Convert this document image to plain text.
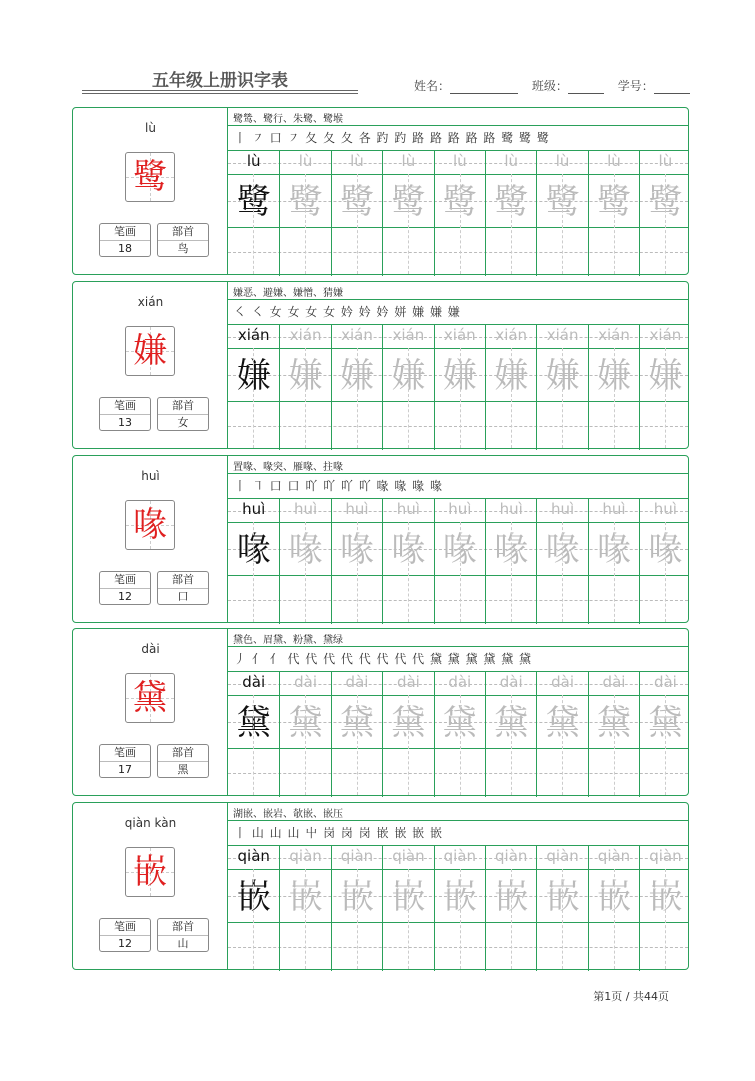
五年级上册识字表	姓名：	班级：	学号：
lù
鹭
笔画
18
部首
鸟
鹭鸶、鹭行、朱鹭、鹭堠
丨 ㇇ 口 ㇇ 夂 夂 夂 各 趵 趵 路 路 路 路 路 鹭 鹭 鹭
lù
鹭
lù
鹭
lù
鹭
lù
鹭
lù
鹭
lù
鹭
lù
鹭
lù
鹭
lù
鹭
xián
嫌
笔画
13
部首
女
嫌恶、避嫌、嫌憎、猜嫌
㇛ ㇛ 女 女 女 女 妗 妗 妗 姘 嫌 嫌 嫌
xián
嫌
xián
嫌
xián
嫌
xián
嫌
xián
嫌
xián
嫌
xián
嫌
xián
嫌
xián
嫌
huì
喙
笔画
12
部首
口
置喙、喙突、雁喙、拄喙
丨 ㇕ 口 口 吖 吖 吖 吖 喙 喙 喙 喙
huì
喙
huì
喙
huì
喙
huì
喙
huì
喙
huì
喙
huì
喙
huì
喙
huì
喙
dài
黛
笔画
17
部首
黑
黛色、眉黛、粉黛、黛绿
丿 亻 亻 代 代 代 代 代 代 代 代 黛 黛 黛 黛 黛 黛
dài
黛
dài
黛
dài
黛
dài
黛
dài
黛
dài
黛
dài
黛
dài
黛
dài
黛
qiàn kàn
嵌
笔画
12
部首
山
湖嵌、嵌岩、欹嵌、嵌压
丨 山 山 山 屮 岗 岗 岗 嵌 嵌 嵌 嵌
qiàn
嵌
qiàn
嵌
qiàn
嵌
qiàn
嵌
qiàn
嵌
qiàn
嵌
qiàn
嵌
qiàn
嵌
qiàn
嵌
第1页 / 共44页
